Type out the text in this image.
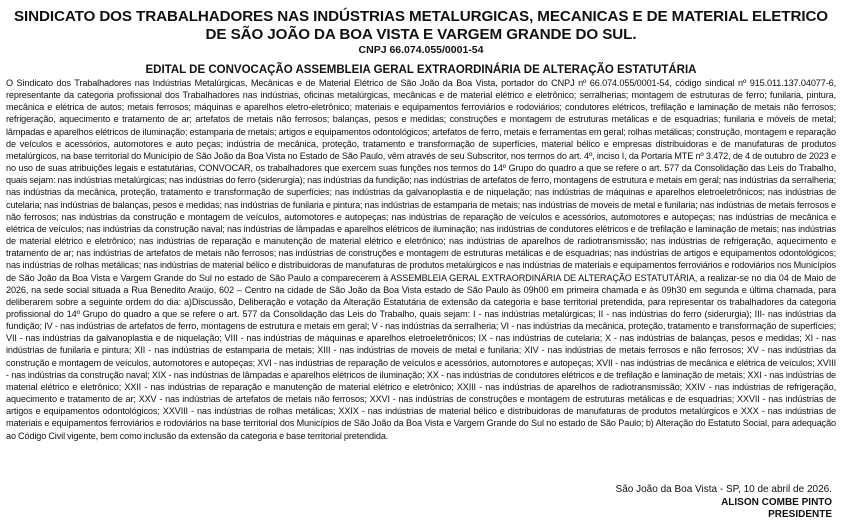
SINDICATO DOS TRABALHADORES NAS INDÚSTRIAS METALURGICAS, MECANICAS E DE MATERIAL ELETRICO DE SÃO JOÃO DA BOA VISTA E VARGEM GRANDE DO SUL.

CNPJ 66.074.055/0001-54

EDITAL DE CONVOCAÇÃO ASSEMBLEIA GERAL EXTRAORDINÁRIA DE ALTERAÇÃO ESTATUTÁRIA

O Sindicato dos Trabalhadores nas Indústrias Metalúrgicas, Mecânicas e de Material Elétrico de São João da Boa Vista, portador do CNPJ nº 66.074.055/0001-54, código sindical nº 915.011.137.04077-6, representante da categoria profissional dos Trabalhadores nas indústrias, oficinas metalúrgicas, mecânicas e de material elétrico e eletrônico; serralherias; montagem de estruturas de ferro; funilaria, pintura, mecânica e elétrica de autos; metais ferrosos; máquinas e aparelhos eletro-eletrônico; materiais e equipamentos ferroviários e rodoviários; condutores elétricos, trefilação e laminação de metais não ferrosos; refrigeração, aquecimento e tratamento de ar; artefatos de metais não ferrosos; balanças, pesos e medidas; construções e montagem de estruturas metálicas e de esquadrias; funilaria e móveis de metal; lâmpadas e aparelhos elétricos de iluminação; estamparia de metais; artigos e equipamentos odontológicos; artefatos de ferro, metais e ferramentas em geral; rolhas metálicas; construção, montagem e reparação de veículos e acessórios, automotores e auto peças; indústria de mecânica, proteção, tratamento e transformação de superfícies, material bélico e empresas distribuidoras e de manufaturas de produtos metalúrgicos, na base territorial do Município de São João da Boa Vista no Estado de São Paulo, vêm através de seu Subscritor, nos termos do art. 4º, inciso I, da Portaria MTE nº 3.472, de 4 de outubro de 2023 e no uso de suas atribuições legais e estatutárias, CONVOCAR, os trabalhadores que exercem suas funções nos termos do 14º Grupo do quadro a que se refere o art. 577 da Consolidação das Leis do Trabalho, quais sejam: nas indústrias metalúrgicas; nas indústrias do ferro (siderurgia); nas indústrias da fundição; nas indústrias de artefatos de ferro, montagens de estrutura e metais em geral; nas indústrias da serralheria; nas indústrias da mecânica, proteção, tratamento e transformação de superfícies; nas indústrias da galvanoplastia e de niquelação; nas indústrias de máquinas e aparelhos eletroeletrônicos; nas indústrias de cutelaria; nas indústrias de balanças, pesos e medidas; nas indústrias de funilaria e pintura; nas indústrias de estamparia de metais; nas indústrias de moveis de metal e funilaria; nas indústrias de metais ferrosos e não ferrosos; nas indústrias da construção e montagem de veículos, automotores e autopeças; nas indústrias de reparação de veículos e acessórios, automotores e autopeças; nas indústrias de mecânica e elétrica de veículos; nas indústrias da construção naval; nas indústrias de lâmpadas e aparelhos elétricos de iluminação; nas indústrias de condutores elétricos e de trefilação e laminação de metais; nas indústrias de material elétrico e eletrônico; nas indústrias de reparação e manutenção de material elétrico e eletrônico; nas indústrias de aparelhos de radiotransmissão; nas indústrias de refrigeração, aquecimento e tratamento de ar; nas indústrias de artefatos de metais não ferrosos; nas indústrias de construções e montagem de estruturas metálicas e de esquadrias; nas indústrias de artigos e equipamentos odontológicos; nas indústrias de rolhas metálicas; nas indústrias de material bélico e distribuidoras de manufaturas de produtos metalúrgicos e nas indústrias de materiais e equipamentos ferroviários e rodoviários nos Municípios de São João da Boa Vista e Vargem Grande do Sul no estado de São Paulo a comparecerem à ASSEMBLEIA GERAL EXTRAORDINÁRIA DE ALTERAÇÃO ESTATUTÁRIA, a realizar-se no dia 04 de Maio de 2026, na sede social situada a Rua Benedito Araújo, 602 – Centro na cidade de São João da Boa Vista estado de São Paulo às 09h00 em primeira chamada e às 09h30 em segunda e última chamada, para deliberarem sobre a seguinte ordem do dia: a)Discussão, Deliberação e votação da Alteração Estatutária de extensão da categoria e base territorial pretendida, para representar os trabalhadores da categoria profissional do 14º Grupo do quadro a que se refere o art. 577 da Consolidação das Leis do Trabalho, quais sejam: I - nas indústrias metalúrgicas; II - nas indústrias do ferro (siderurgia); III- nas indústrias da fundição; IV - nas indústrias de artefatos de ferro, montagens de estrutura e metais em geral; V - nas indústrias da serralheria; VI - nas indústrias da mecânica, proteção, tratamento e transformação de superfícies; VII - nas indústrias da galvanoplastia e de niquelação; VIII - nas indústrias de máquinas e aparelhos eletroeletrônicos; IX - nas indústrias de cutelaria; X - nas indústrias de balanças, pesos e medidas; XI - nas indústrias de funilaria e pintura; XII - nas indústrias de estamparia de metais; XIII - nas indústrias de moveis de metal e funilaria; XIV - nas indústrias de metais ferrosos e não ferrosos; XV - nas indústrias da construção e montagem de veículos, automotores e autopeças; XVI - nas indústrias de reparação de veículos e acessórios, automotores e autopeças; XVII - nas indústrias de mecânica e elétrica de veículos; XVIII - nas indústrias da construção naval; XIX - nas indústrias de lâmpadas e aparelhos elétricos de iluminação; XX - nas indústrias de condutores elétricos e de trefilação e laminação de metais; XXI - nas indústrias de material elétrico e eletrônico; XXII - nas indústrias de reparação e manutenção de material elétrico e eletrônico; XXIII - nas indústrias de aparelhos de radiotransmissão; XXIV - nas indústrias de refrigeração, aquecimento e tratamento de ar; XXV - nas indústrias de artefatos de metais não ferrosos; XXVI - nas indústrias de construções e montagem de estruturas metálicas e de esquadrias; XXVII - nas indústrias de artigos e equipamentos odontológicos; XXVIII - nas indústrias de rolhas metálicas; XXIX - nas indústrias de material bélico e distribuidoras de manufaturas de produtos metalúrgicos e XXX - nas indústrias de materiais e equipamentos ferroviários e rodoviários na base territorial dos Municípios de São João da Boa Vista e Vargem Grande do Sul no estado de São Paulo; b) Alteração do Estatuto Social, para adequação ao Código Civil vigente, bem como inclusão da extensão da categoria e base territorial pretendida.

São João da Boa Vista - SP, 10 de abril de 2026.
ALISON COMBE PINTO
PRESIDENTE
